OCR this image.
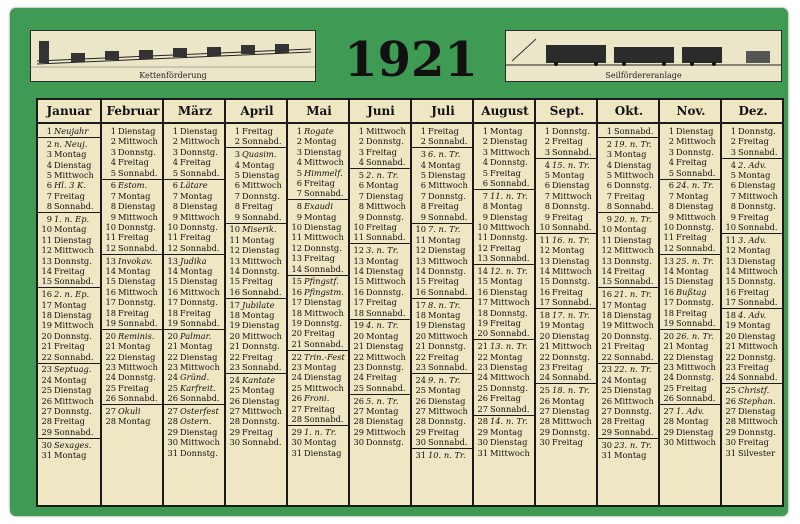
Kettenförderung	1921	Seilfördereranlage
Januar
1 Neujahr
2 n. Neuj.
3 Montag
4 Dienstag
5 Mittwoch
6 Hl. 3 K.
7 Freitag
8 Sonnabd.
9 1. n. Ep.
10 Montag
11 Dienstag
12 Mittwoch
13 Donnstg.
14 Freitag
15 Sonnabd.
16 2. n. Ep.
17 Montag
18 Dienstag
19 Mittwoch
20 Donnstg.
21 Freitag
22 Sonnabd.
23 Septuag.
24 Montag
25 Dienstag
26 Mittwoch
27 Donnstg.
28 Freitag
29 Sonnabd.
30 Sexages.
31 Montag
Februar
1 Dienstag
2 Mittwoch
3 Donnstg.
4 Freitag
5 Sonnabd.
6 Estom.
7 Montag
8 Dienstag
9 Mittwoch
10 Donnstg.
11 Freitag
12 Sonnabd.
13 Invokav.
14 Montag
15 Dienstag
16 Mittwoch
17 Donnstg.
18 Freitag
19 Sonnabd.
20 Reminis.
21 Montag
22 Dienstag
23 Mittwoch
24 Donnstg.
25 Freitag
26 Sonnabd.
27 Okuli
28 Montag
März
1 Dienstag
2 Mittwoch
3 Donnstg.
4 Freitag
5 Sonnabd.
6 Lätare
7 Montag
8 Dienstag
9 Mittwoch
10 Donnstg.
11 Freitag
12 Sonnabd.
13 Judika
14 Montag
15 Dienstag
16 Mittwoch
17 Donnstg.
18 Freitag
19 Sonnabd.
20 Palmar.
21 Montag
22 Dienstag
23 Mittwoch
24 Gründ.
25 Karfreit.
26 Sonnabd.
27 Osterfest
28 Ostern.
29 Dienstag
30 Mittwoch
31 Donnstg.
April
1 Freitag
2 Sonnabd.
3 Quasim.
4 Montag
5 Dienstag
6 Mittwoch
7 Donnstg.
8 Freitag
9 Sonnabd.
10 Miserik.
11 Montag
12 Dienstag
13 Mittwoch
14 Donnstg.
15 Freitag
16 Sonnabd.
17 Jubilate
18 Montag
19 Dienstag
20 Mittwoch
21 Donnstg.
22 Freitag
23 Sonnabd.
24 Kantate
25 Montag
26 Dienstag
27 Mittwoch
28 Donnstg.
29 Freitag
30 Sonnabd.
Mai
1 Rogate
2 Montag
3 Dienstag
4 Mittwoch
5 Himmelf.
6 Freitag
7 Sonnabd.
8 Exaudi
9 Montag
10 Dienstag
11 Mittwoch
12 Donnstg.
13 Freitag
14 Sonnabd.
15 Pfingstf.
16 Pfingstm.
17 Dienstag
18 Mittwoch
19 Donnstg.
20 Freitag
21 Sonnabd.
22 Trin.-Fest
23 Montag
24 Dienstag
25 Mittwoch
26 Froni.
27 Freitag
28 Sonnabd.
29 1. n. Tr.
30 Montag
31 Dienstag
Juni
1 Mittwoch
2 Donnstg.
3 Freitag
4 Sonnabd.
5 2. n. Tr.
6 Montag
7 Dienstag
8 Mittwoch
9 Donnstg.
10 Freitag
11 Sonnabd.
12 3. n. Tr.
13 Montag
14 Dienstag
15 Mittwoch
16 Donnstg.
17 Freitag
18 Sonnabd.
19 4. n. Tr.
20 Montag
21 Dienstag
22 Mittwoch
23 Donnstg.
24 Freitag
25 Sonnabd.
26 5. n. Tr.
27 Montag
28 Dienstag
29 Mittwoch
30 Donnstg.
Juli
1 Freitag
2 Sonnabd.
3 6. n. Tr.
4 Montag
5 Dienstag
6 Mittwoch
7 Donnstg.
8 Freitag
9 Sonnabd.
10 7. n. Tr.
11 Montag
12 Dienstag
13 Mittwoch
14 Donnstg.
15 Freitag
16 Sonnabd.
17 8. n. Tr.
18 Montag
19 Dienstag
20 Mittwoch
21 Donnstg.
22 Freitag
23 Sonnabd.
24 9. n. Tr.
25 Montag
26 Dienstag
27 Mittwoch
28 Donnstg.
29 Freitag
30 Sonnabd.
31 10. n. Tr.
August
1 Montag
2 Dienstag
3 Mittwoch
4 Donnstg.
5 Freitag
6 Sonnabd.
7 11. n. Tr.
8 Montag
9 Dienstag
10 Mittwoch
11 Donnstg.
12 Freitag
13 Sonnabd.
14 12. n. Tr.
15 Montag
16 Dienstag
17 Mittwoch
18 Donnstg.
19 Freitag
20 Sonnabd.
21 13. n. Tr.
22 Montag
23 Dienstag
24 Mittwoch
25 Donnstg.
26 Freitag
27 Sonnabd.
28 14. n. Tr.
29 Montag
30 Dienstag
31 Mittwoch
Sept.
1 Donnstg.
2 Freitag
3 Sonnabd.
4 15. n. Tr.
5 Montag
6 Dienstag
7 Mittwoch
8 Donnstg.
9 Freitag
10 Sonnabd.
11 16. n. Tr.
12 Montag
13 Dienstag
14 Mittwoch
15 Donnstg.
16 Freitag
17 Sonnabd.
18 17. n. Tr.
19 Montag
20 Dienstag
21 Mittwoch
22 Donnstg.
23 Freitag
24 Sonnabd.
25 18. n. Tr.
26 Montag
27 Dienstag
28 Mittwoch
29 Donnstg.
30 Freitag
Okt.
1 Sonnabd.
2 19. n. Tr.
3 Montag
4 Dienstag
5 Mittwoch
6 Donnstg.
7 Freitag
8 Sonnabd.
9 20. n. Tr.
10 Montag
11 Dienstag
12 Mittwoch
13 Donnstg.
14 Freitag
15 Sonnabd.
16 21. n. Tr.
17 Montag
18 Dienstag
19 Mittwoch
20 Donnstg.
21 Freitag
22 Sonnabd.
23 22. n. Tr.
24 Montag
25 Dienstag
26 Mittwoch
27 Donnstg.
28 Freitag
29 Sonnabd.
30 23. n. Tr.
31 Montag
Nov.
1 Dienstag
2 Mittwoch
3 Donnstg.
4 Freitag
5 Sonnabd.
6 24. n. Tr.
7 Montag
8 Dienstag
9 Mittwoch
10 Donnstg.
11 Freitag
12 Sonnabd.
13 25. n. Tr.
14 Montag
15 Dienstag
16 Bußtag
17 Donnstg.
18 Freitag
19 Sonnabd.
20 26. n. Tr.
21 Montag
22 Dienstag
23 Mittwoch
24 Donnstg.
25 Freitag
26 Sonnabd.
27 1. Adv.
28 Montag
29 Dienstag
30 Mittwoch
Dez.
1 Donnstg.
2 Freitag
3 Sonnabd.
4 2. Adv.
5 Montag
6 Dienstag
7 Mittwoch
8 Donnstg.
9 Freitag
10 Sonnabd.
11 3. Adv.
12 Montag
13 Dienstag
14 Mittwoch
15 Donnstg.
16 Freitag
17 Sonnabd.
18 4. Adv.
19 Montag
20 Dienstag
21 Mittwoch
22 Donnstg.
23 Freitag
24 Sonnabd.
25 Christf.
26 Stephan.
27 Dienstag
28 Mittwoch
29 Donnstg.
30 Freitag
31 Silvester
